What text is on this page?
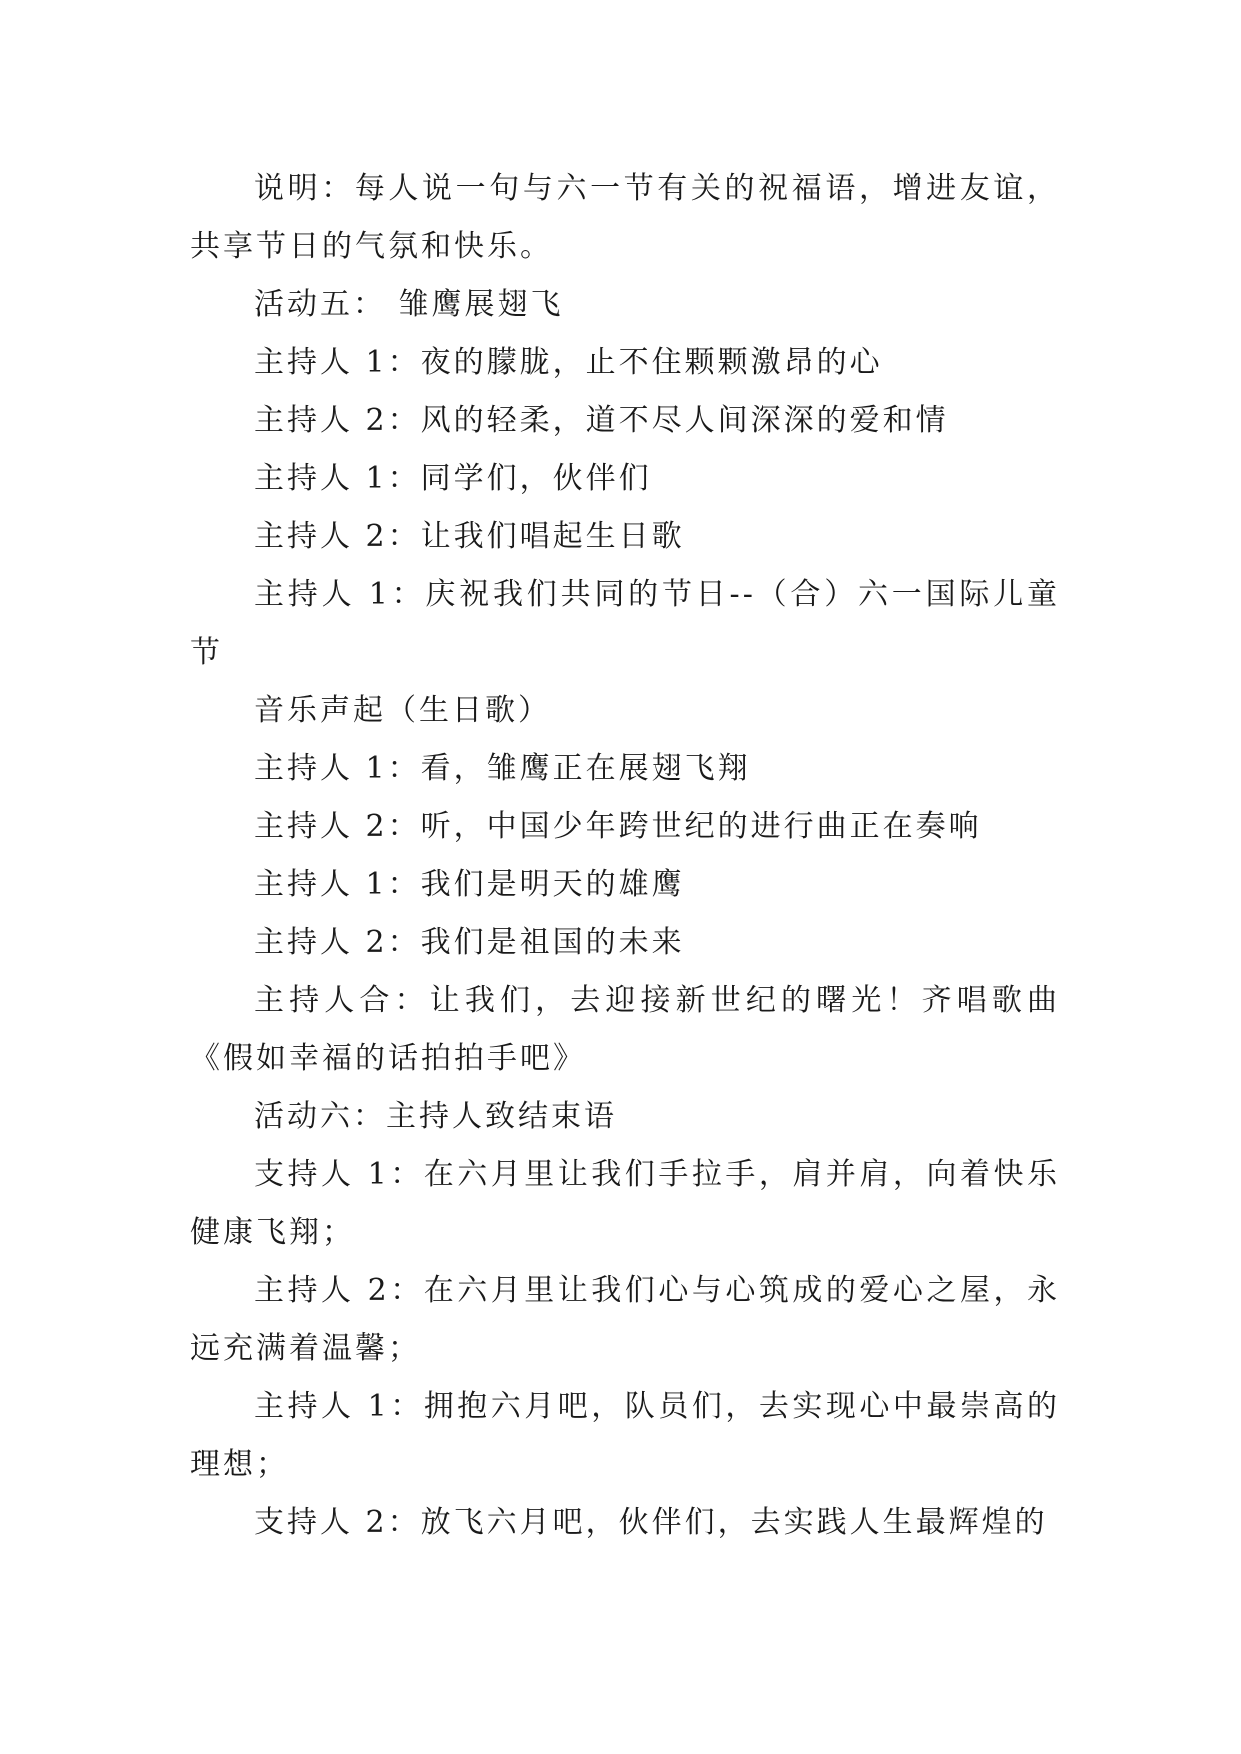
说明：每人说一句与六一节有关的祝福语，增进友谊，共享节日的气氛和快乐。

活动五： 雏鹰展翅飞

主持人 1：夜的朦胧，止不住颗颗激昂的心

主持人 2：风的轻柔，道不尽人间深深的爱和情

主持人 1：同学们，伙伴们

主持人 2：让我们唱起生日歌

主持人 1：庆祝我们共同的节日--（合）六一国际儿童节

音乐声起（生日歌）

主持人 1：看，雏鹰正在展翅飞翔

主持人 2：听，中国少年跨世纪的进行曲正在奏响

主持人 1：我们是明天的雄鹰

主持人 2：我们是祖国的未来

主持人合：让我们，去迎接新世纪的曙光！齐唱歌曲《假如幸福的话拍拍手吧》

活动六：主持人致结束语

支持人 1：在六月里让我们手拉手，肩并肩，向着快乐健康飞翔；

主持人 2：在六月里让我们心与心筑成的爱心之屋，永远充满着温馨；

主持人 1：拥抱六月吧，队员们，去实现心中最崇高的理想；

支持人 2：放飞六月吧，伙伴们，去实践人生最辉煌的
